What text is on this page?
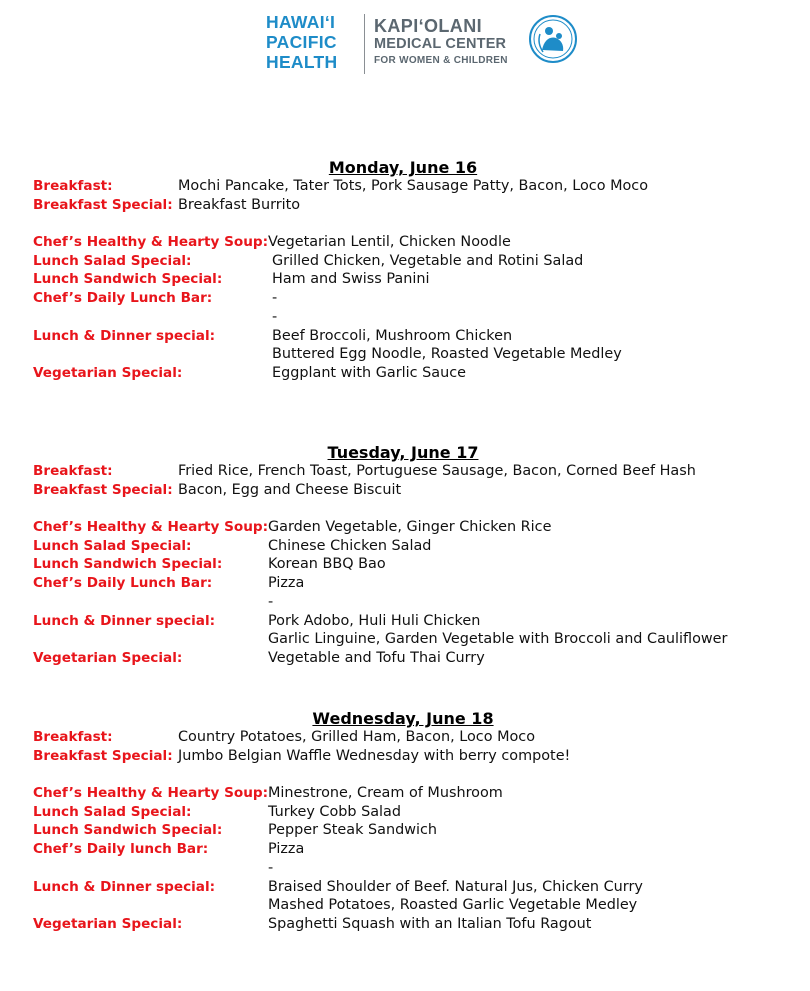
HAWAIʻI
PACIFIC
HEALTH
KAPIʻOLANI
MEDICAL CENTER
FOR WOMEN & CHILDREN
Monday, June 16
Breakfast:	Mochi Pancake, Tater Tots, Pork Sausage Patty, Bacon, Loco Moco
Breakfast Special: Breakfast Burrito
Chef’s Healthy & Hearty Soup: Vegetarian Lentil, Chicken Noodle
Lunch Salad Special:	Grilled Chicken, Vegetable and Rotini Salad
Lunch Sandwich Special:	Ham and Swiss Panini
Chef’s Daily Lunch Bar:	-
-
Lunch & Dinner special:	Beef Broccoli, Mushroom Chicken
Buttered Egg Noodle, Roasted Vegetable Medley
Vegetarian Special:	Eggplant with Garlic Sauce
Tuesday, June 17
Breakfast:	Fried Rice, French Toast, Portuguese Sausage, Bacon, Corned Beef Hash
Breakfast Special: Bacon, Egg and Cheese Biscuit
Chef’s Healthy & Hearty Soup: Garden Vegetable, Ginger Chicken Rice
Lunch Salad Special:	Chinese Chicken Salad
Lunch Sandwich Special:	Korean BBQ Bao
Chef’s Daily Lunch Bar:	Pizza
-
Lunch & Dinner special:	Pork Adobo, Huli Huli Chicken
Garlic Linguine, Garden Vegetable with Broccoli and Cauliflower
Vegetarian Special:	Vegetable and Tofu Thai Curry
Wednesday, June 18
Breakfast:	Country Potatoes, Grilled Ham, Bacon, Loco Moco
Breakfast Special: Jumbo Belgian Waffle Wednesday with berry compote!
Chef’s Healthy & Hearty Soup: Minestrone, Cream of Mushroom
Lunch Salad Special:	Turkey Cobb Salad
Lunch Sandwich Special:	Pepper Steak Sandwich
Chef’s Daily lunch Bar:	Pizza
-
Lunch & Dinner special:	Braised Shoulder of Beef. Natural Jus, Chicken Curry
Mashed Potatoes, Roasted Garlic Vegetable Medley
Vegetarian Special:	Spaghetti Squash with an Italian Tofu Ragout
